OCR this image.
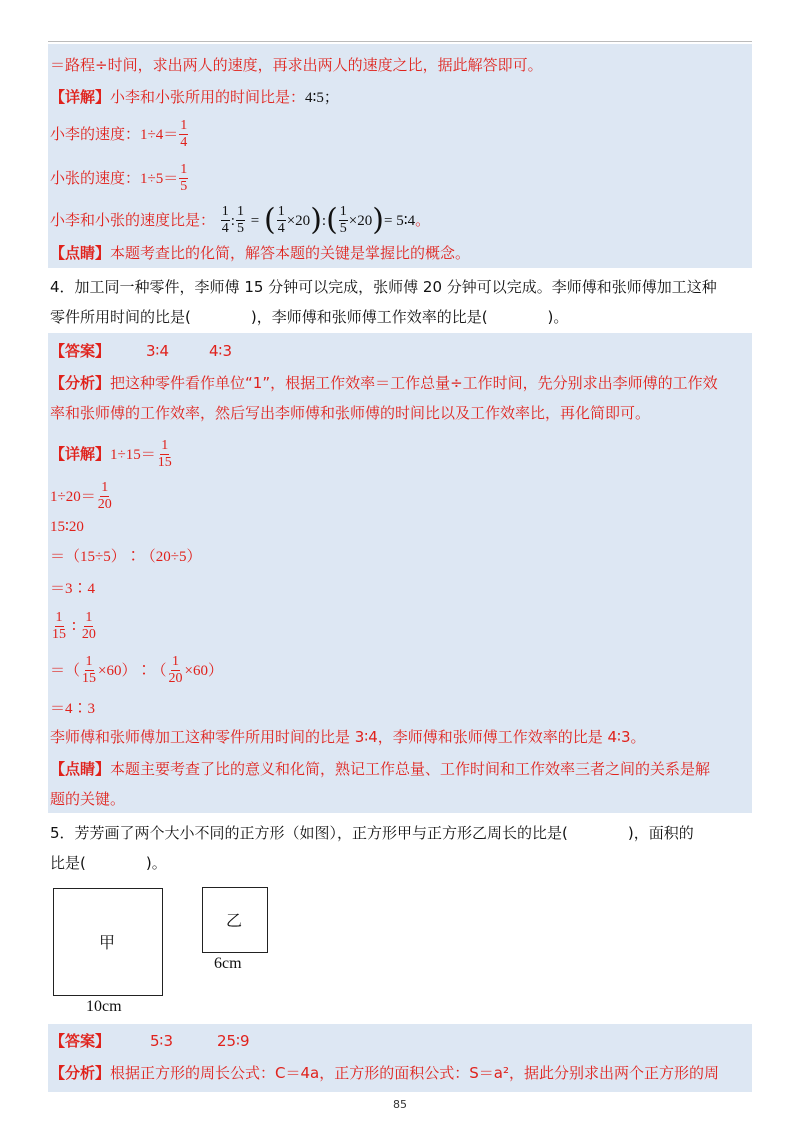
＝路程÷时间，求出两人的速度，再求出两人的速度之比，据此解答即可。
【详解】小李和小张所用的时间比是：4∶5；
小李的速度：$1\div 4= \frac{1}{4}$
小张的速度：$1\div 5= \frac{1}{5}$
小李和小张的速度比是： $\frac{1}{4}$ : $\frac{1}{5}$ = ( $\frac{1}{4}$ ×20):( $\frac{1}{5} \times 20)=$ 5∶4。
【点睛】本题考查比的化简，解答本题的关键是掌握比的概念。
4．加工同一种零件，李师傅 15 分钟可以完成，张师傅 20 分钟可以完成。李师傅和张师傅加工这种
零件所用时间的比是(　　　　)，李师傅和张师傅工作效率的比是(　　　　)。
【答案】 3∶4	4∶3
【分析】把这种零件看作单位“1”，根据工作效率＝工作总量÷工作时间，先分别求出李师傅的工作效
率和张师傅的工作效率，然后写出李师傅和张师傅的时间比以及工作效率比，再化简即可。
【详解】$1\div 15= \frac{1}{15}$
$1\div 20= \frac{1}{20}$
15∶20
＝（15÷5）∶（20÷5）
＝3∶4
$\frac{1}{15}$ ∶ $\frac{1}{20}$
＝（ $\frac{1}{15}$ ×60）∶（ $\frac{1}{20} \times 60$）
＝4∶3
李师傅和张师傅加工这种零件所用时间的比是 3∶4，李师傅和张师傅工作效率的比是 4∶3。
【点睛】本题主要考查了比的意义和化简，熟记工作总量、工作时间和工作效率三者之间的关系是解
题的关键。
5．芳芳画了两个大小不同的正方形（如图），正方形甲与正方形乙周长的比是(　　　　)，面积的
比是(　　　　)。
甲
10cm
乙
6cm
【答案】	5∶3	25∶9
【分析】根据正方形的周长公式：C＝4a，正方形的面积公式：S＝a²，据此分别求出两个正方形的周
85
